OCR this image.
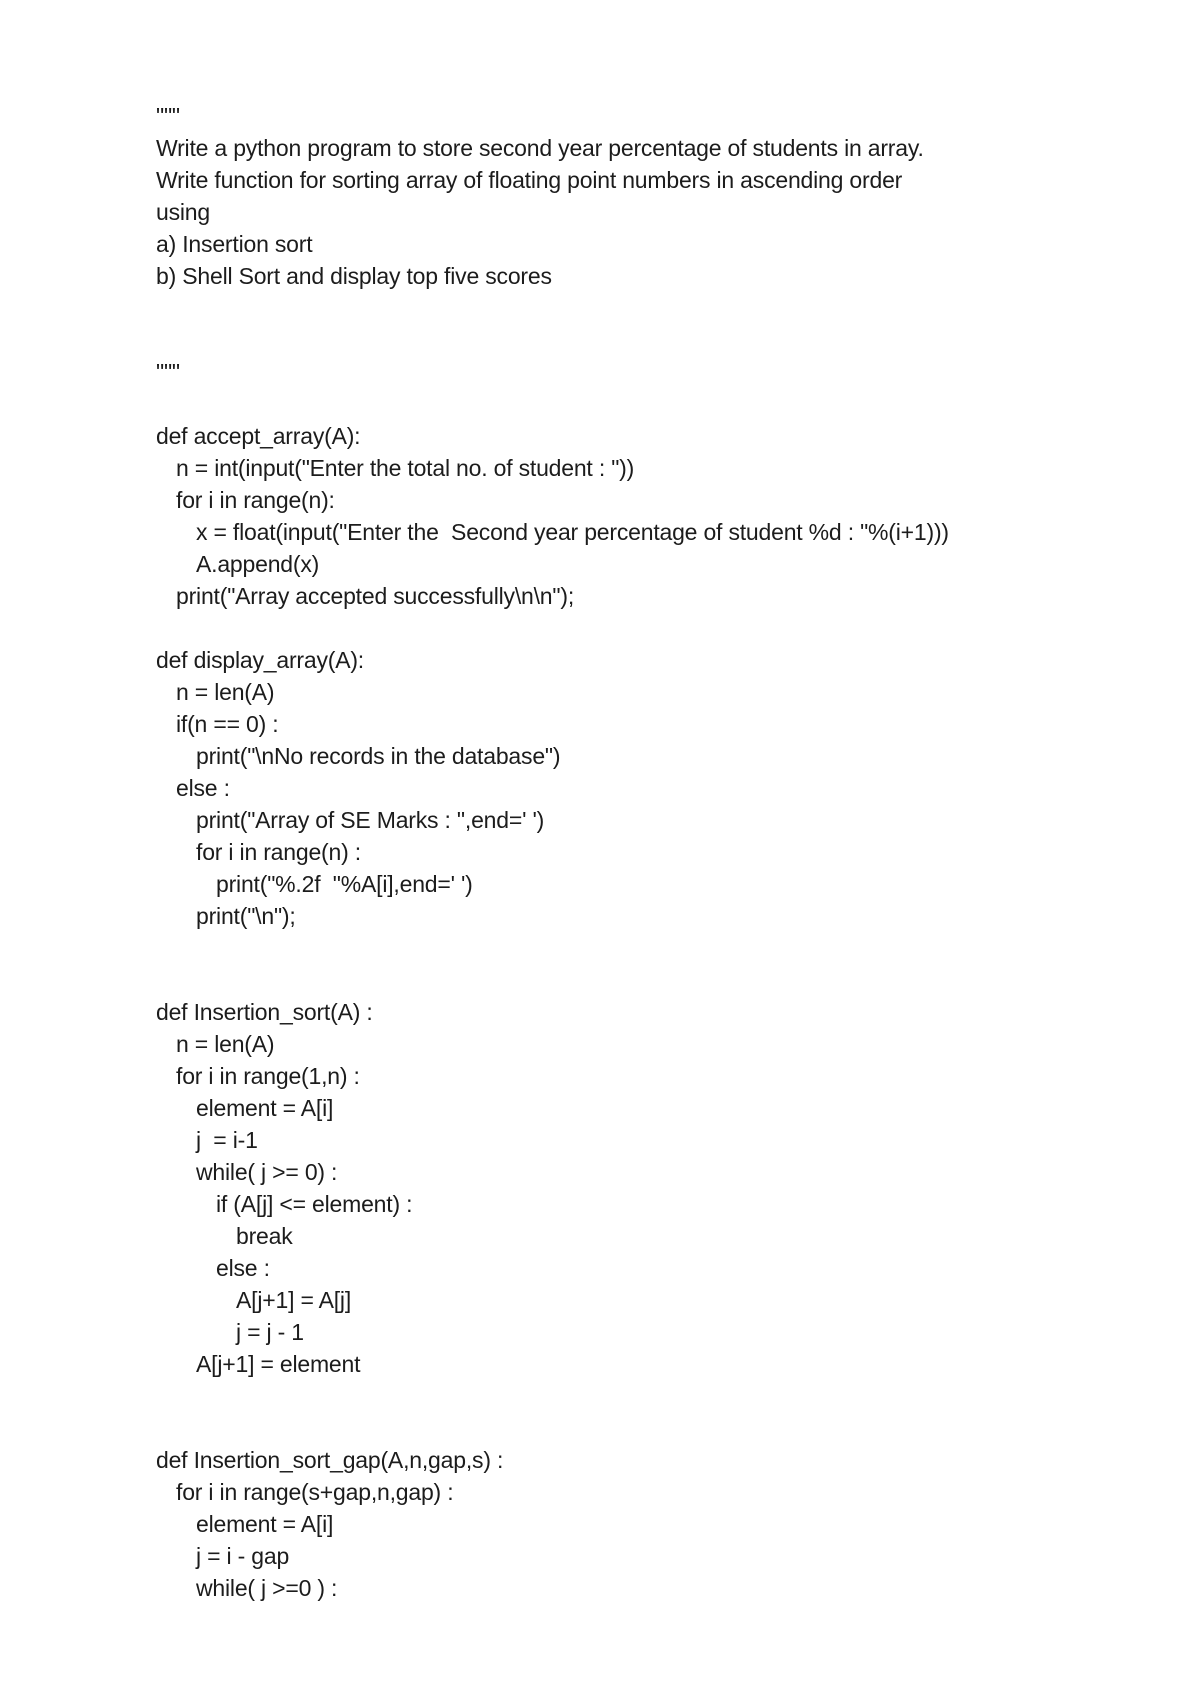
"""
Write a python program to store second year percentage of students in array.
Write function for sorting array of floating point numbers in ascending order
using
a) Insertion sort
b) Shell Sort and display top five scores
"""
def accept_array(A):
n = int(input("Enter the total no. of student : "))
for i in range(n):
x = float(input("Enter the  Second year percentage of student %d : "%(i+1)))
A.append(x)
print("Array accepted successfully\n\n");
def display_array(A):
n = len(A)
if(n == 0) :
print("\nNo records in the database")
else :
print("Array of SE Marks : ",end=' ')
for i in range(n) :
print("%.2f  "%A[i],end=' ')
print("\n");
def Insertion_sort(A) :
n = len(A)
for i in range(1,n) :
element = A[i]
j  = i-1
while( j >= 0) :
if (A[j] <= element) :
break
else :
A[j+1] = A[j]
j = j - 1
A[j+1] = element
def Insertion_sort_gap(A,n,gap,s) :
for i in range(s+gap,n,gap) :
element = A[i]
j = i - gap
while( j >=0 ) :
